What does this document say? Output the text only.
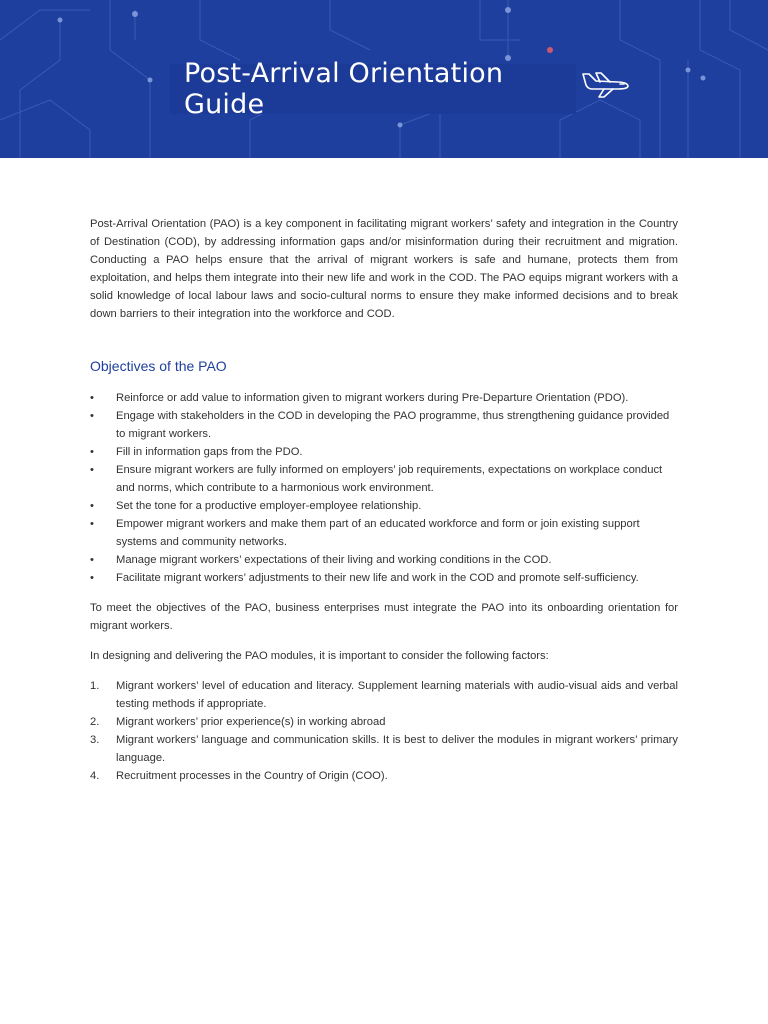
Post-Arrival Orientation Guide

Post-Arrival Orientation (PAO) is a key component in facilitating migrant workers’ safety and integration in the Country of Destination (COD), by addressing information gaps and/or misinformation during their recruitment and migration. Conducting a PAO helps ensure that the arrival of migrant workers is safe and humane, protects them from exploitation, and helps them integrate into their new life and work in the COD. The PAO equips migrant workers with a solid knowledge of local labour laws and socio-cultural norms to ensure they make informed decisions and to break down barriers to their integration into the workforce and COD.

Objectives of the PAO
• Reinforce or add value to information given to migrant workers during Pre-Departure Orientation (PDO).
• Engage with stakeholders in the COD in developing the PAO programme, thus strengthening guidance provided to migrant workers.
• Fill in information gaps from the PDO.
• Ensure migrant workers are fully informed on employers’ job requirements, expectations on workplace conduct and norms, which contribute to a harmonious work environment.
• Set the tone for a productive employer-employee relationship.
• Empower migrant workers and make them part of an educated workforce and form or join existing support systems and community networks.
• Manage migrant workers’ expectations of their living and working conditions in the COD.
• Facilitate migrant workers’ adjustments to their new life and work in the COD and promote self-sufficiency.

To meet the objectives of the PAO, business enterprises must integrate the PAO into its onboarding orientation for migrant workers.

In designing and delivering the PAO modules, it is important to consider the following factors:

1. Migrant workers’ level of education and literacy. Supplement learning materials with audio-visual aids and verbal testing methods if appropriate.
2. Migrant workers’ prior experience(s) in working abroad
3. Migrant workers’ language and communication skills. It is best to deliver the modules in migrant workers’ primary language.
4. Recruitment processes in the Country of Origin (COO).
